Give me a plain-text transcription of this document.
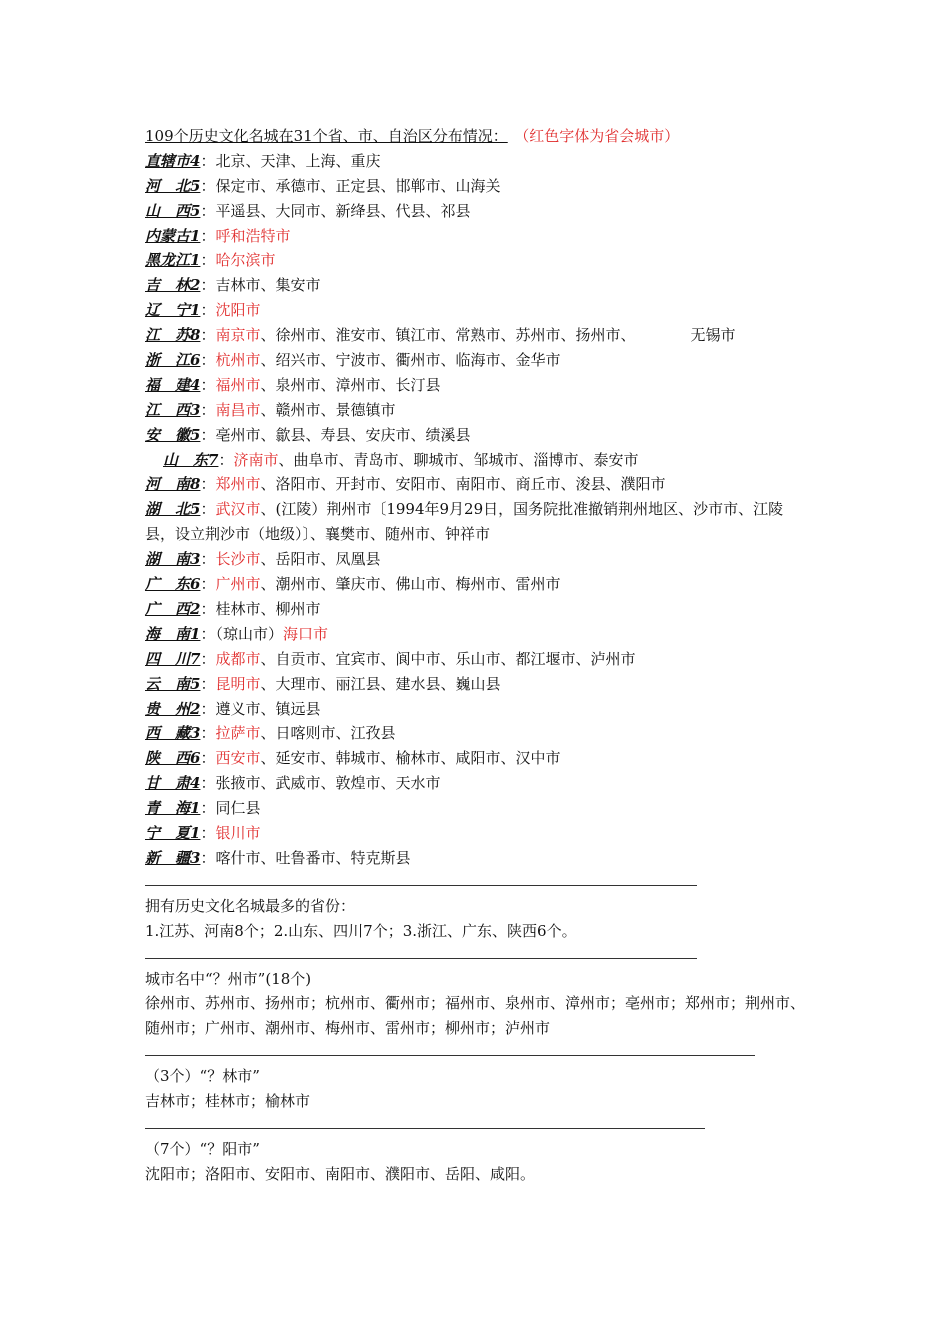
109个历史文化名城在31个省、市、自治区分布情况： （红色字体为省会城市）
直辖市4：北京、天津、上海、重庆
河　北5：保定市、承德市、正定县、邯郸市、山海关
山　西5：平遥县、大同市、新绛县、代县、祁县
内蒙古1：呼和浩特市
黑龙江1：哈尔滨市
吉　林2：吉林市、集安市
辽　宁1：沈阳市
江　苏8：南京市、徐州市、淮安市、镇江市、常熟市、苏州市、扬州市、	无锡市
浙　江6：杭州市、绍兴市、宁波市、衢州市、临海市、金华市
福　建4：福州市、泉州市、漳州市、长汀县
江　西3：南昌市、赣州市、景德镇市
安　徽5：亳州市、歙县、寿县、安庆市、绩溪县
山　东7：济南市、曲阜市、青岛市、聊城市、邹城市、淄博市、泰安市
河　南8：郑州市、洛阳市、开封市、安阳市、南阳市、商丘市、浚县、濮阳市
湖　北5：武汉市、(江陵）荆州市〔1994年9月29日，国务院批准撤销荆州地区、沙市市、江陵县，设立荆沙市（地级）〕、襄樊市、随州市、钟祥市
湖　南3：长沙市、岳阳市、凤凰县
广　东6：广州市、潮州市、肇庆市、佛山市、梅州市、雷州市
广　西2：桂林市、柳州市
海　南1：（琼山市）海口市
四　川7：成都市、自贡市、宜宾市、阆中市、乐山市、都江堰市、泸州市
云　南5：昆明市、大理市、丽江县、建水县、巍山县
贵　州2：遵义市、镇远县
西　藏3：拉萨市、日喀则市、江孜县
陕　西6：西安市、延安市、韩城市、榆林市、咸阳市、汉中市
甘　肃4：张掖市、武威市、敦煌市、天水市
青　海1：同仁县
宁　夏1：银川市
新　疆3：喀什市、吐鲁番市、特克斯县
拥有历史文化名城最多的省份：
1.江苏、河南8个；2.山东、四川7个；3.浙江、广东、陕西6个。
城市名中“？州市”(18个)
徐州市、苏州市、扬州市；杭州市、衢州市；福州市、泉州市、漳州市；亳州市；郑州市；荆州市、随州市；广州市、潮州市、梅州市、雷州市；柳州市；泸州市
（3个）“？林市”
吉林市；桂林市；榆林市
（7个）“？阳市”
沈阳市；洛阳市、安阳市、南阳市、濮阳市、岳阳、咸阳。
